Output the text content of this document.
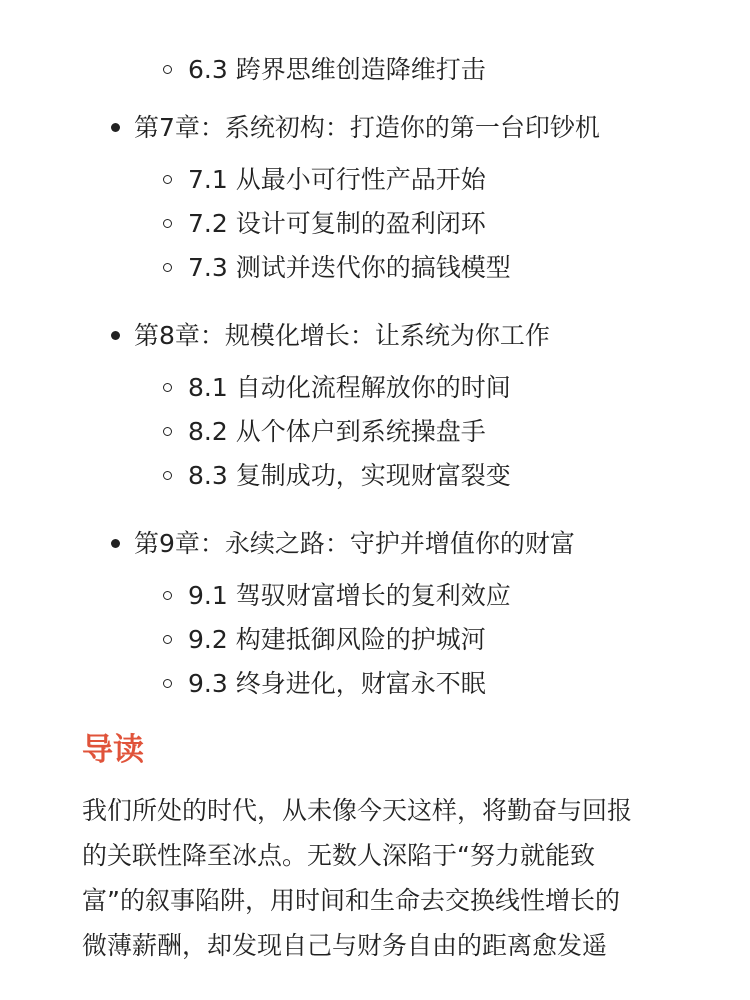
6.3 跨界思维创造降维打击
第7章：系统初构：打造你的第一台印钞机
7.1 从最小可行性产品开始
7.2 设计可复制的盈利闭环
7.3 测试并迭代你的搞钱模型
第8章：规模化增长：让系统为你工作
8.1 自动化流程解放你的时间
8.2 从个体户到系统操盘手
8.3 复制成功，实现财富裂变
第9章：永续之路：守护并增值你的财富
9.1 驾驭财富增长的复利效应
9.2 构建抵御风险的护城河
9.3 终身进化，财富永不眠
导读

我们所处的时代，从未像今天这样，将勤奋与回报
的关联性降至冰点。无数人深陷于“努力就能致
富”的叙事陷阱，用时间和生命去交换线性增长的
微薄薪酬，却发现自己与财务自由的距离愈发遥
